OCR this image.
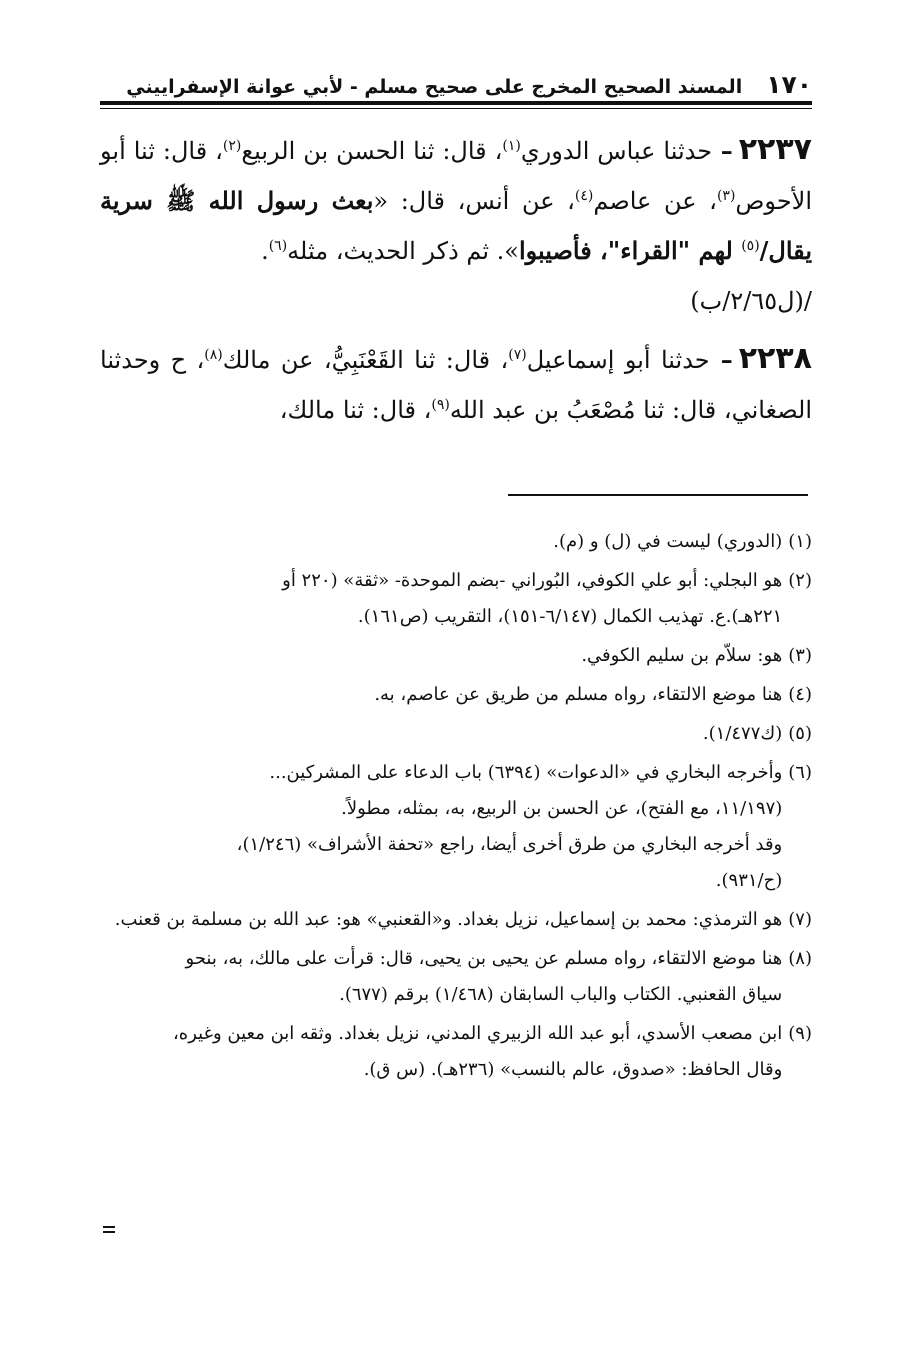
١٧٠
المسند الصحيح المخرج على صحيح مسلم - لأبي عوانة الإسفراييني

٢٢٣٧– حدثنا عباس الدوري$^{(١)}$، قال: ثنا الحسن بن الربيع$^{(٢)}$، قال: ثنا أبو الأحوص$^{(٣)}$، عن عاصم$^{(٤)}$، عن أنس، قال: «بعث رسول الله ﷺ سرية يقال/$^{(٥)}$ لهم "القراء"، فأصيبوا». ثم ذكر الحديث، مثله$^{(٦)}$.
/(ل٢/٦٥/ب)

٢٢٣٨– حدثنا أبو إسماعيل$^{(٧)}$، قال: ثنا القَعْنَبِيُّ، عن مالك$^{(٨)}$، ح وحدثنا الصغاني، قال: ثنا مُصْعَبُ بن عبد الله$^{(٩)}$، قال: ثنا مالك،

(١)
(الدوري) ليست في (ل) و (م).
(٢)
هو البجلي: أبو علي الكوفي، البُوراني -بضم الموحدة- «ثقة» (٢٢٠ أو
٢٢١هـ).ع. تهذيب الكمال (٦/١٤٧-١٥١)، التقريب (ص١٦١).
(٣)
هو: سلاّم بن سليم الكوفي.
(٤)
هنا موضع الالتقاء، رواه مسلم من طريق عن عاصم، به.
(٥)
(ك١/٤٧٧).
(٦)
وأخرجه البخاري في «الدعوات» (٦٣٩٤) باب الدعاء على المشركين...
(١١/١٩٧، مع الفتح)، عن الحسن بن الربيع، به، بمثله، مطولاً.
وقد أخرجه البخاري من طرق أخرى أيضا، راجع «تحفة الأشراف» (١/٢٤٦)،
(ح/٩٣١).
(٧)
هو الترمذي: محمد بن إسماعيل، نزيل بغداد. و«القعنبي» هو: عبد الله بن مسلمة بن قعنب.
(٨)
هنا موضع الالتقاء، رواه مسلم عن يحيى بن يحيى، قال: قرأت على مالك، به، بنحو
سياق القعنبي. الكتاب والباب السابقان (١/٤٦٨) برقم (٦٧٧).
(٩)
ابن مصعب الأسدي، أبو عبد الله الزبيري المدني، نزيل بغداد. وثقه ابن معين وغيره،
وقال الحافظ: «صدوق، عالم بالنسب» (٢٣٦هـ). (س ق).
